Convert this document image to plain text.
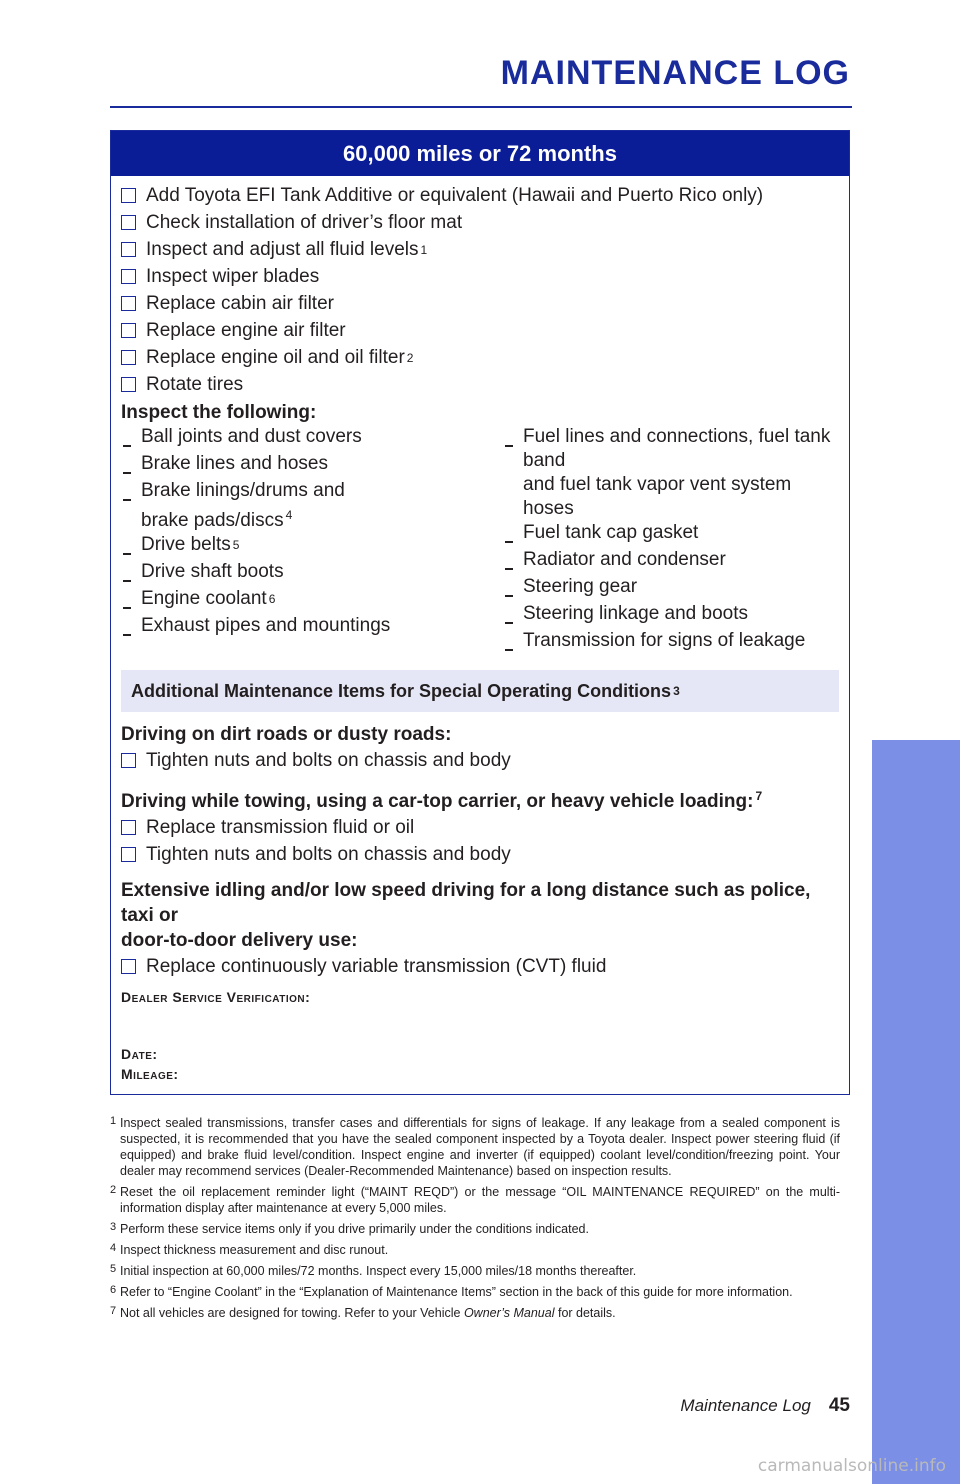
MAINTENANCE LOG
60,000 miles or 72 months
Add Toyota EFI Tank Additive or equivalent (Hawaii and Puerto Rico only)
Check installation of driver’s floor mat
Inspect and adjust all fluid levels 1
Inspect wiper blades
Replace cabin air filter
Replace engine air filter
Replace engine oil and oil filter 2
Rotate tires
Inspect the following:
Ball joints and dust covers
Brake lines and hoses
Brake linings/drums and
brake pads/discs $^4$
Drive belts 5
Drive shaft boots
Engine coolant 6
Exhaust pipes and mountings
Fuel lines and connections, fuel tank band
and fuel tank vapor vent system hoses
Fuel tank cap gasket
Radiator and condenser
Steering gear
Steering linkage and boots
Transmission for signs of leakage
Additional Maintenance Items for Special Operating Conditions 3
Driving on dirt roads or dusty roads:
Tighten nuts and bolts on chassis and body
Driving while towing, using a car-top carrier, or heavy vehicle loading: $^7$
Replace transmission fluid or oil
Tighten nuts and bolts on chassis and body
Extensive idling and/or low speed driving for a long distance such as police, taxi or
door-to-door delivery use:
Replace continuously variable transmission (CVT) fluid
Dealer Service Verification:
Date:
Mileage:
1 Inspect sealed transmissions, transfer cases and differentials for signs of leakage. If any leakage from a sealed component is suspected, it is recommended that you have the sealed component inspected by a Toyota dealer. Inspect power steering fluid (if equipped) and brake fluid level/condition. Inspect engine and inverter (if equipped) coolant level/condition/freezing point. Your dealer may recommend services (Dealer-Recommended Maintenance) based on inspection results.
2 Reset the oil replacement reminder light (“MAINT REQD”) or the message “OIL MAINTENANCE REQUIRED” on the multi-information display after maintenance at every 5,000 miles.
3 Perform these service items only if you drive primarily under the conditions indicated.
4 Inspect thickness measurement and disc runout.
5 Initial inspection at 60,000 miles/72 months. Inspect every 15,000 miles/18 months thereafter.
6 Refer to “Engine Coolant” in the “Explanation of Maintenance Items” section in the back of this guide for more information.
7 Not all vehicles are designed for towing. Refer to your Vehicle Owner’s Manual for details.
Maintenance Log 45
MAINTENANCE
carmanualsonline.info
